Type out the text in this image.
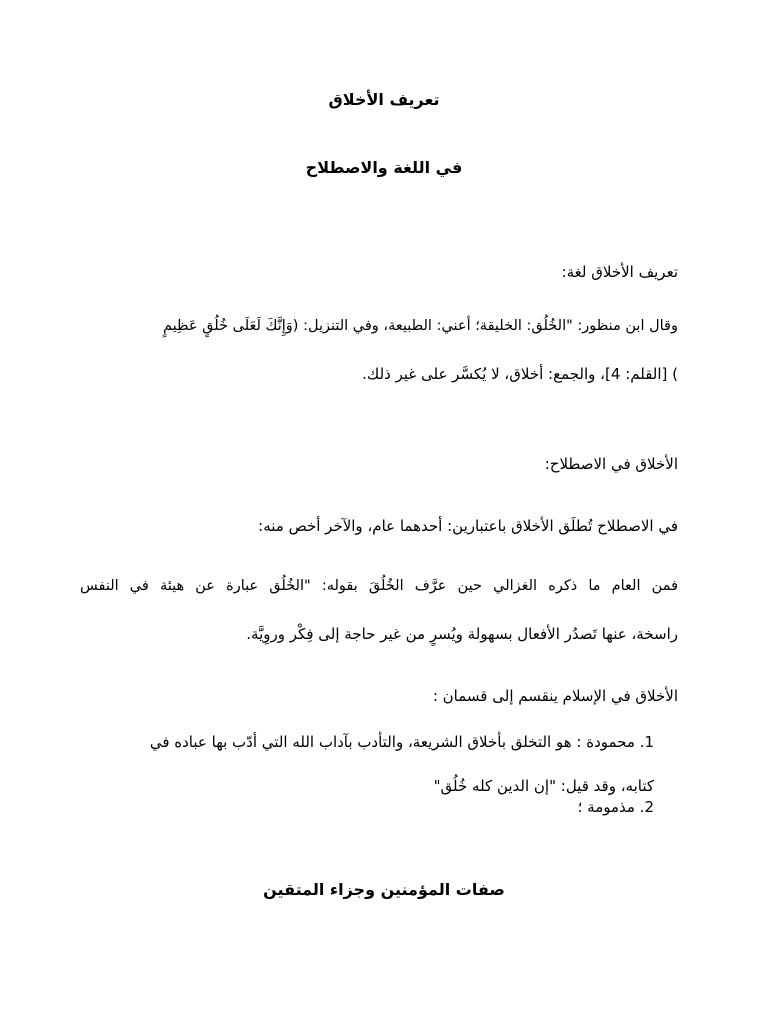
تعريف الأخلاق
في اللغة والاصطلاح
تعريف الأخلاق لغة:
وقال ابن منظور: "الخُلُق: الخليقة؛ أعني: الطبيعة، وفي التنزيل: (وَإِنَّكَ لَعَلَى خُلُقٍ عَظِيمٍ
) [القلم: 4]، والجمع: أخلاق، لا يُكسَّر على غير ذلك.
الأخلاق في الاصطلاح:
في الاصطلاح تُطلَق الأخلاق باعتبارين: أحدهما عام، والآخر أخص منه:
فمن العام ما ذكره الغزالي حين عرَّف الخُلُقَ بقوله: "الخُلُق عبارة عن هيئة في النفس
راسخة، عنها تَصدُر الأفعال بسهولة ويُسرٍ من غير حاجة إلى فِكْر وروِيَّة.
الأخلاق في الإسلام ينقسم إلى قسمان :
1. محمودة : هو التخلق بأخلاق الشريعة، والتأدب بآداب الله التي أدّب بها عباده في
كتابه، وقد قيل: "إن الدين كله خُلُق"
2. مذمومة ؛
صفات المؤمنين وجزاء المتقين
